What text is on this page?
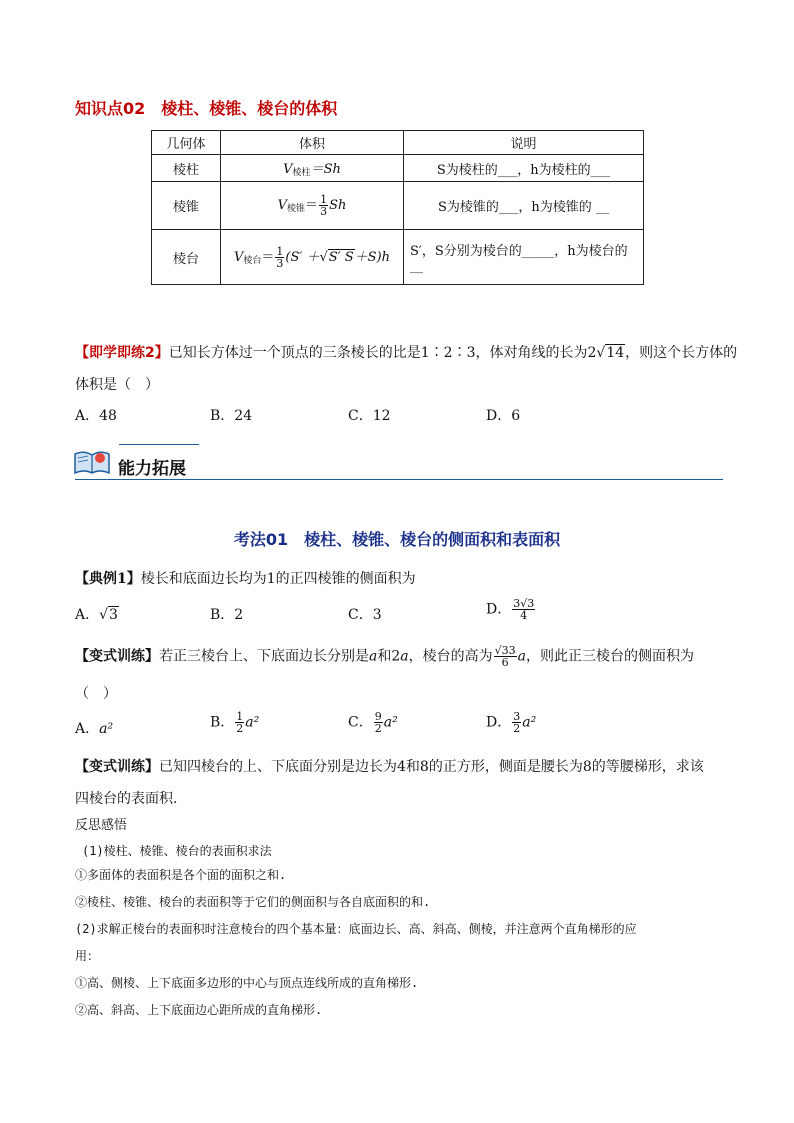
知识点02　棱柱、棱锥、棱台的体积
几何体	体积	说明
棱柱	$V_{棱柱}=Sh$	S为棱柱的___，h为棱柱的___
棱锥	$V_{棱锥}= \frac{1}{3}$ Sh	S为棱锥的___，h为棱锥的 __
棱台	$V_{棱台}= \frac{1}{3} (S' +√S'$ S＋S)h	S′，S分别为棱台的_____，h为棱台的__
【即学即练2】已知长方体过一个顶点的三条棱长的比是1∶2∶3，体对角线的长为2√14，则这个长方体的
体积是（　）
A．48	B．24	C．12	D．6
能力拓展
考法01　棱柱、棱锥、棱台的侧面积和表面积
【典例1】棱长和底面边长均为1的正四棱锥的侧面积为
A．√3	B．2	C．3	D． $\frac{3√3}{4}$
【变式训练】若正三棱台上、下底面边长分别是a和2a，棱台的高为 $\frac{√33}{6}$ a，则此正三棱台的侧面积为
（　）
A．a²	B． $\frac{1}{2} a^2$	C． $\frac{9}{2} a^2$	D． $\frac{3}{2} a^2$
【变式训练】已知四棱台的上、下底面分别是边长为4和8的正方形，侧面是腰长为8的等腰梯形，求该
四棱台的表面积.
反思感悟
(1)棱柱、棱锥、棱台的表面积求法
①多面体的表面积是各个面的面积之和.
②棱柱、棱锥、棱台的表面积等于它们的侧面积与各自底面积的和.
(2)求解正棱台的表面积时注意棱台的四个基本量：底面边长、高、斜高、侧棱，并注意两个直角梯形的应
用：
①高、侧棱、上下底面多边形的中心与顶点连线所成的直角梯形.
②高、斜高、上下底面边心距所成的直角梯形.
